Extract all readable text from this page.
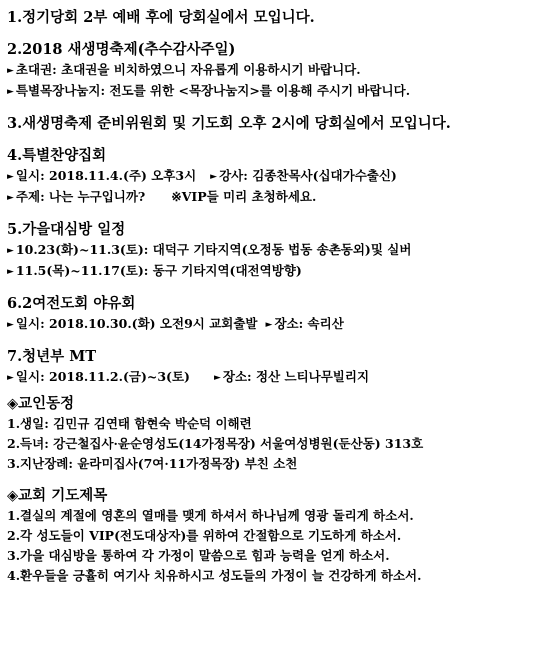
1.정기당회 2부 예배 후에 당회실에서 모입니다.
2.2018 새생명축제(추수감사주일)
► 초대권: 초대권을 비치하였으니 자유롭게 이용하시기 바랍니다.
► 특별목장나눔지: 전도를 위한 <목장나눔지>를 이용해 주시기 바랍니다.
3.새생명축제 준비위원회 및 기도회 오후 2시에 당회실에서 모입니다.
4.특별찬양집회
► 일시: 2018.11.4.(주) 오후3시 ► 강사: 김종찬목사(십대가수출신)
► 주제: 나는 누구입니까? ※VIP들 미리 초청하세요.
5.가을대심방 일정
► 10.23(화)~11.3(토): 대덕구 기타지역(오정동 법동 송촌동외)및 실버
► 11.5(목)~11.17(토): 동구 기타지역(대전역방향)
6.2여전도회 야유회
► 일시: 2018.10.30.(화) 오전9시 교회출발 ► 장소: 속리산
7.청년부 MT
► 일시: 2018.11.2.(금)~3(토)	► 장소: 정산 느티나무빌리지
◈교인동정
1.생일: 김민규 김연태 함현숙 박순덕 이해련
2.득녀: 강근철집사·윤순영성도(14가정목장) 서울여성병원(둔산동) 313호
3.지난장례: 윤라미집사(7여·11가정목장) 부친 소천
◈교회 기도제목
1.결실의 계절에 영혼의 열매를 맺게 하셔서 하나님께 영광 돌리게 하소서.
2.각 성도들이 VIP(전도대상자)를 위하여 간절함으로 기도하게 하소서.
3.가을 대심방을 통하여 각 가정이 말씀으로 힘과 능력을 얻게 하소서.
4.환우들을 긍휼히 여기사 치유하시고 성도들의 가정이 늘 건강하게 하소서.
